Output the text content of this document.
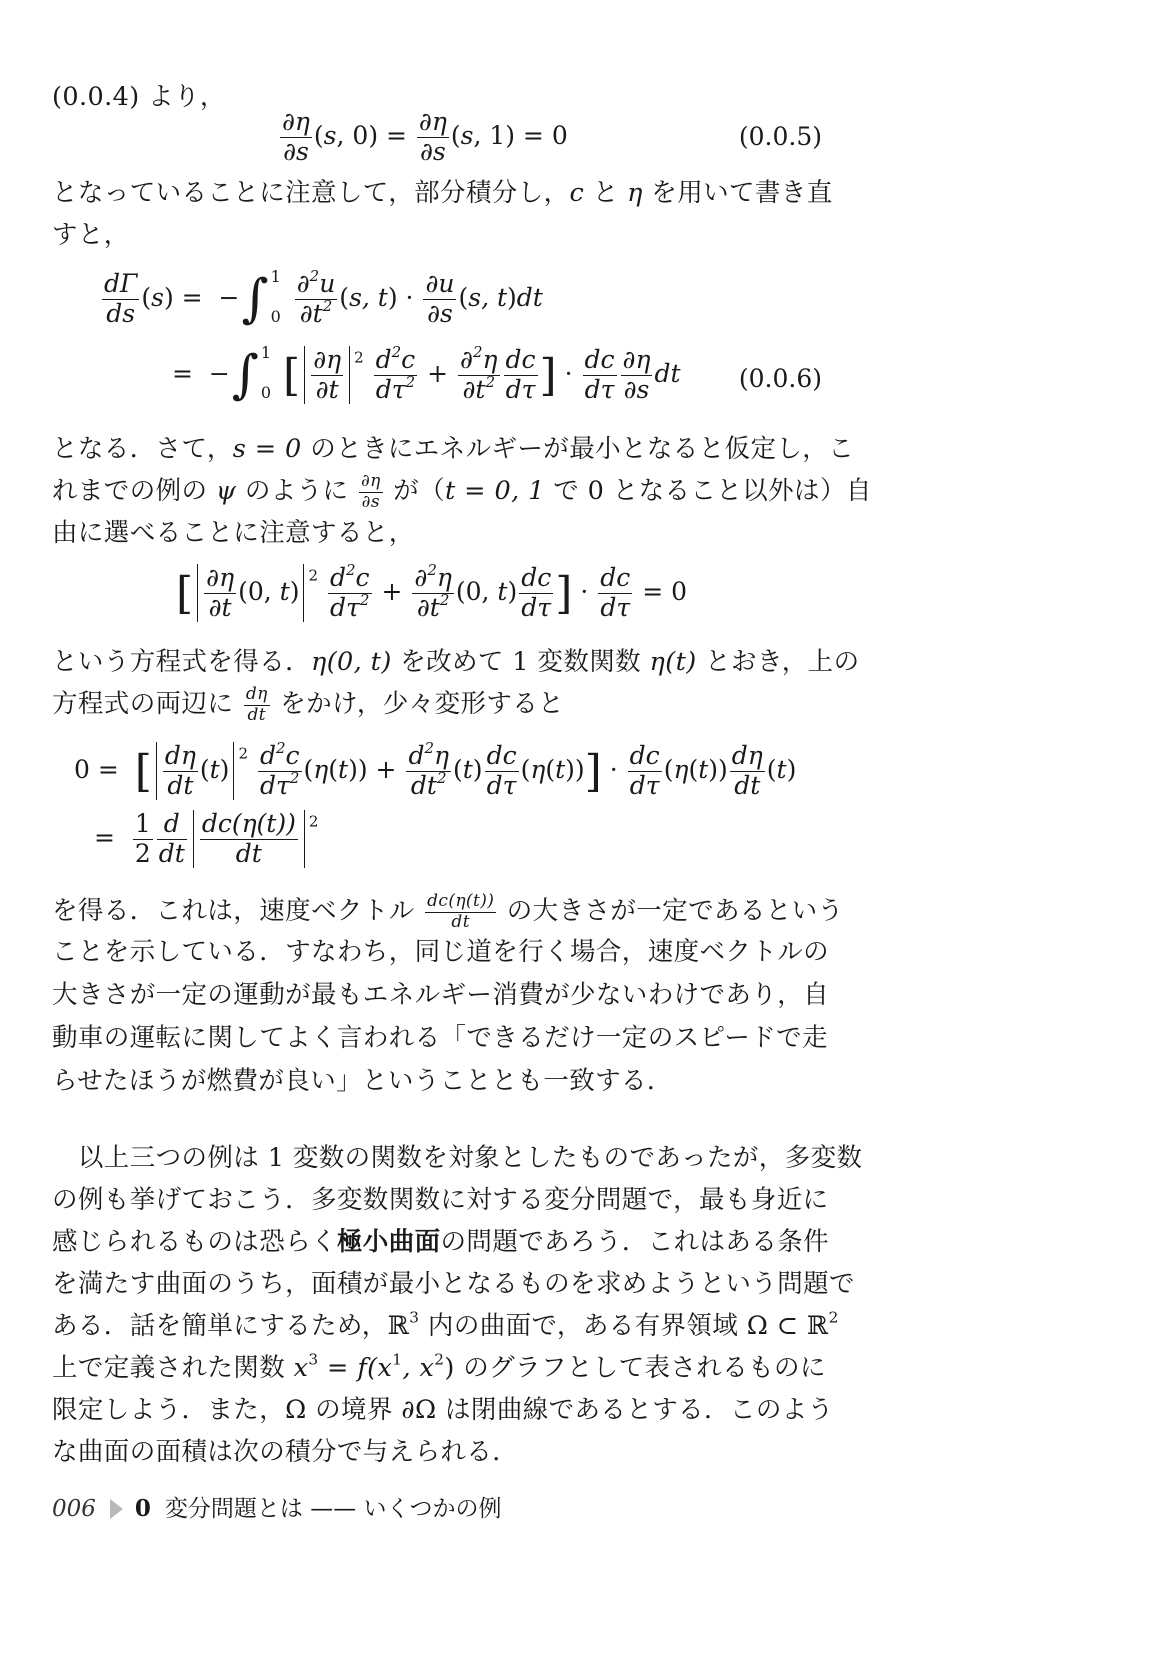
(0.0.4) より，
$\frac{\partial\eta}{\partial s} (s$, $0) = \frac{\partial\eta}{\partial s} (s$, 1) = 0	(0.0.5)
となっていることに注意して，部分積分し，c と η を用いて書き直
すと，
$\frac{d\Gamma}{ds} (s)$ =  −∫ 1
0
$\frac{\partial^2u}{\partial t^2} (s$, $t) \cdot \frac{\partial u}{\partial s} (s$, t)dt
=  −∫ 1
0 [ $\frac{\partial\eta}{\partial t} ^2 \frac{d^2c}{d\tau^2} + \frac{\partial^2\eta}{\partial t^2} \frac{dc}{d\tau}$ ] · $\frac{dc}{d\tau} \frac{\partial\eta}{\partial s}$ dt (0.0.6)
となる．さて，s = 0 のときにエネルギーが最小となると仮定し，こ
れまでの例の ψ のように $\frac{\partial\eta}{\partial s}$ が（t = 0, 1 で 0 となること以外は）自
由に選べることに注意すると，
[ $\frac{\partial\eta}{\partial t} (0$, $t)^2 \frac{d^2c}{d\tau^2} + \frac{\partial^2\eta}{\partial t^2} (0$, $t) \frac{dc}{d\tau}$ ] · $\frac{dc}{d\tau} = 0$
という方程式を得る．η(0, t) を改めて 1 変数関数 η(t) とおき，上の
方程式の両辺に $\frac{d\eta}{dt}$ をかけ，少々変形すると
0 =  [ $\frac{d\eta}{dt} (t)^2 \frac{d^2c}{d\tau^2} (\eta(t)) + \frac{d^2\eta}{dt^2} (t) \frac{dc}{d\tau} (\eta(t))] \cdot \frac{dc}{d\tau} (\eta(t)) \frac{d\eta}{dt} (t)$
= $\frac{1}{2} \frac{d}{dt} \frac{dc(\eta(t))}{dt} ^2$
を得る．これは，速度ベクトル $\frac{dc(\eta(t))}{dt}$ の大きさが一定であるという
ことを示している．すなわち，同じ道を行く場合，速度ベクトルの
大きさが一定の運動が最もエネルギー消費が少ないわけであり，自
動車の運転に関してよく言われる「できるだけ一定のスピードで走
らせたほうが燃費が良い」ということとも一致する．
　以上三つの例は 1 変数の関数を対象としたものであったが，多変数
の例も挙げておこう．多変数関数に対する変分問題で，最も身近に
感じられるものは恐らく極小曲面の問題であろう．これはある条件
を満たす曲面のうち，面積が最小となるものを求めようという問題で
ある．話を簡単にするため，ℝ$^3$ 内の曲面で，ある有界領域 Ω ⊂ ℝ$^2$
上で定義された関数 $x^3 = f(x^1$, $x^2$) のグラフとして表されるものに
限定しよう．また，Ω の境界 ∂Ω は閉曲線であるとする．このよう
な曲面の面積は次の積分で与えられる．
006 0 変分問題とは —— いくつかの例
